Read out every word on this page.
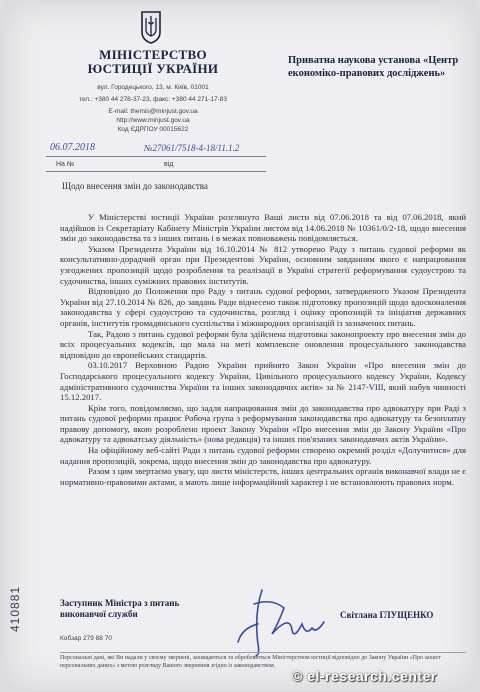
МІНІСТЕРСТВО ЮСТИЦІЇ УКРАЇНИ
вул. Городецького, 13, м. Київ, 01001
тел.: +380 44 278-37-23, факс: +380 44 271-17-83
E-mail: themis@minjust.gov.ua
http://www.minjust.gov.ua
Код ЄДРПОУ 00015622
Приватна наукова установа «Центр економіко-правових досліджень»
06.07.2018	№27061/7518-4-18/11.1.2
На №	від
Щодо внесення змін до законодавства

У Міністерстві юстиції України розглянуто Ваші листи від 07.06.2018 та від 07.06.2018, який надійшов із Секретаріату Кабінету Міністрів України листом від 14.06.2018 № 10361/0/2-18, щодо внесення змін до законодавства та з інших питань і в межах повноважень повідомляється.

Указом Президента України від 16.10.2014 № 812 утворено Раду з питань судової реформи як консультативно-дорадчий орган при Президентові України, основним завданням якого є напрацювання узгоджених пропозицій щодо розроблення та реалізації в Україні стратегії реформування судоустрою та судочинства, інших суміжних правових інститутів.

Відповідно до Положення про Раду з питань судової реформи, затвердженого Указом Президента України від 27.10.2014 № 826, до завдань Ради віднесено також підготовку пропозицій щодо вдосконалення законодавства у сфері судоустрою та судочинства, розгляд і оцінку пропозицій та ініціатив державних органів, інститутів громадянського суспільства і міжнародних організацій із зазначених питань.

Так, Радою з питань судової реформи була здійснена підготовка законопроекту про внесення змін до всіх процесуальних кодексів, що мала на меті комплексне оновлення процесуального законодавства відповідно до європейських стандартів.

03.10.2017 Верховною Радою України прийнято Закон України «Про внесення змін до Господарського процесуального кодексу України, Цивільного процесуального кодексу України, Кодексу адміністративного судочинства України та інших законодавчих актів» за № 2147-VIII, який набув чинності 15.12.2017.

Крім того, повідомляємо, що задля напрацювання змін до законодавства про адвокатуру при Раді з питань судової реформи працює Робоча група з реформування законодавства про адвокатуру та безоплатну правову допомогу, якою розроблено проект Закону України «Про внесення змін до Закону України «Про адвокатуру та адвокатську діяльність» (нова редакція) та інших пов'язаних законодавчих актів України».

На офіційному веб-сайті Ради з питань судової реформи створено окремий розділ «Долучитися» для надання пропозицій, зокрема, щодо внесення змін до законодавства про адвокатуру.

Разом з цим звертаємо увагу, що листи міністерств, інших центральних органів виконавчої влади не є нормативно-правовими актами, а мають лише інформаційний характер і не встановлюють правових норм.

410881	Заступник Міністра з питань виконавчої служби	Світлана ГЛУЩЕНКО
Кобзар 279 88 70
Персональні дані, які Ви надали у своєму звернені, захищаються та обробляються Міністерством юстиції відповідно до Закону України «Про захист персональних даних» з метою розгляду Вашого звернення згідно із законодавством.
© el-research.center
